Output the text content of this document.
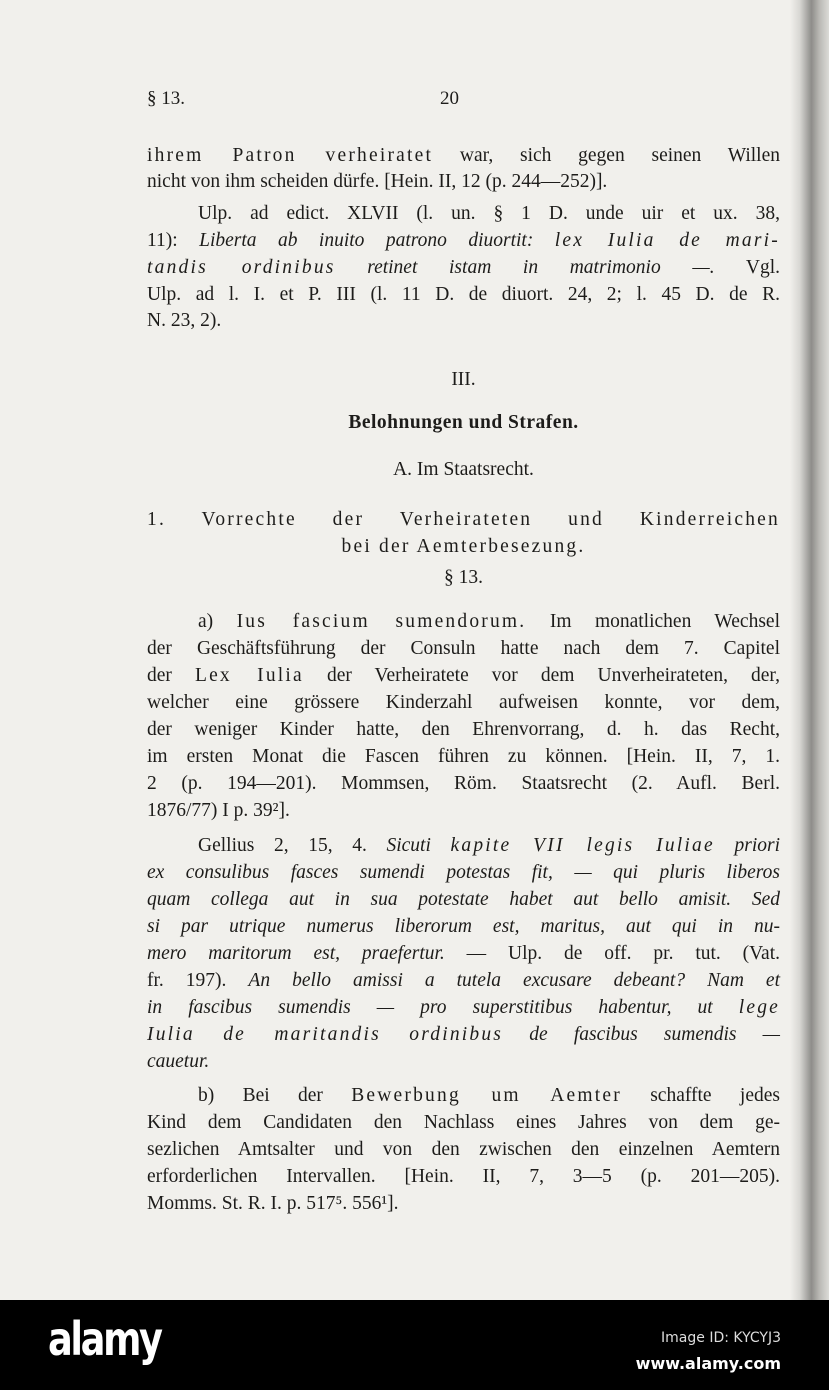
§ 13.	20
ihrem Patron verheiratet war, sich gegen seinen Willen
nicht von ihm scheiden dürfe. [Hein. II, 12 (p. 244—252)].
Ulp. ad edict. XLVII (l. un. § 1 D. unde uir et ux. 38,
11): Liberta ab inuito patrono diuortit: lex Iulia de mari-
tandis ordinibus retinet istam in matrimonio —. Vgl.
Ulp. ad l. I. et P. III (l. 11 D. de diuort. 24, 2; l. 45 D. de R.
N. 23, 2).
III.
Belohnungen und Strafen.
A. Im Staatsrecht.
1. Vorrechte der Verheirateten und Kinderreichen
bei der Aemterbesezung.
§ 13.
a) Ius fascium sumendorum. Im monatlichen Wechsel
der Geschäftsführung der Consuln hatte nach dem 7. Capitel
der Lex Iulia der Verheiratete vor dem Unverheirateten, der,
welcher eine grössere Kinderzahl aufweisen konnte, vor dem,
der weniger Kinder hatte, den Ehrenvorrang, d. h. das Recht,
im ersten Monat die Fascen führen zu können. [Hein. II, 7, 1.
2 (p. 194—201). Mommsen, Röm. Staatsrecht (2. Aufl. Berl.
1876/77) I p. 39²].
Gellius 2, 15, 4. Sicuti kapite VII legis Iuliae priori
ex consulibus fasces sumendi potestas fit, — qui pluris liberos
quam collega aut in sua potestate habet aut bello amisit. Sed
si par utrique numerus liberorum est, maritus, aut qui in nu-
mero maritorum est, praefertur. — Ulp. de off. pr. tut. (Vat.
fr. 197). An bello amissi a tutela excusare debeant? Nam et
in fascibus sumendis — pro superstitibus habentur, ut lege
Iulia de maritandis ordinibus de fascibus sumendis —
cauetur.
b) Bei der Bewerbung um Aemter schaffte jedes
Kind dem Candidaten den Nachlass eines Jahres von dem ge-
sezlichen Amtsalter und von den zwischen den einzelnen Aemtern
erforderlichen Intervallen. [Hein. II, 7, 3—5 (p. 201—205).
Momms. St. R. I. p. 517⁵. 556¹].
alamy	Image ID: KYCYJ3
www.alamy.com
